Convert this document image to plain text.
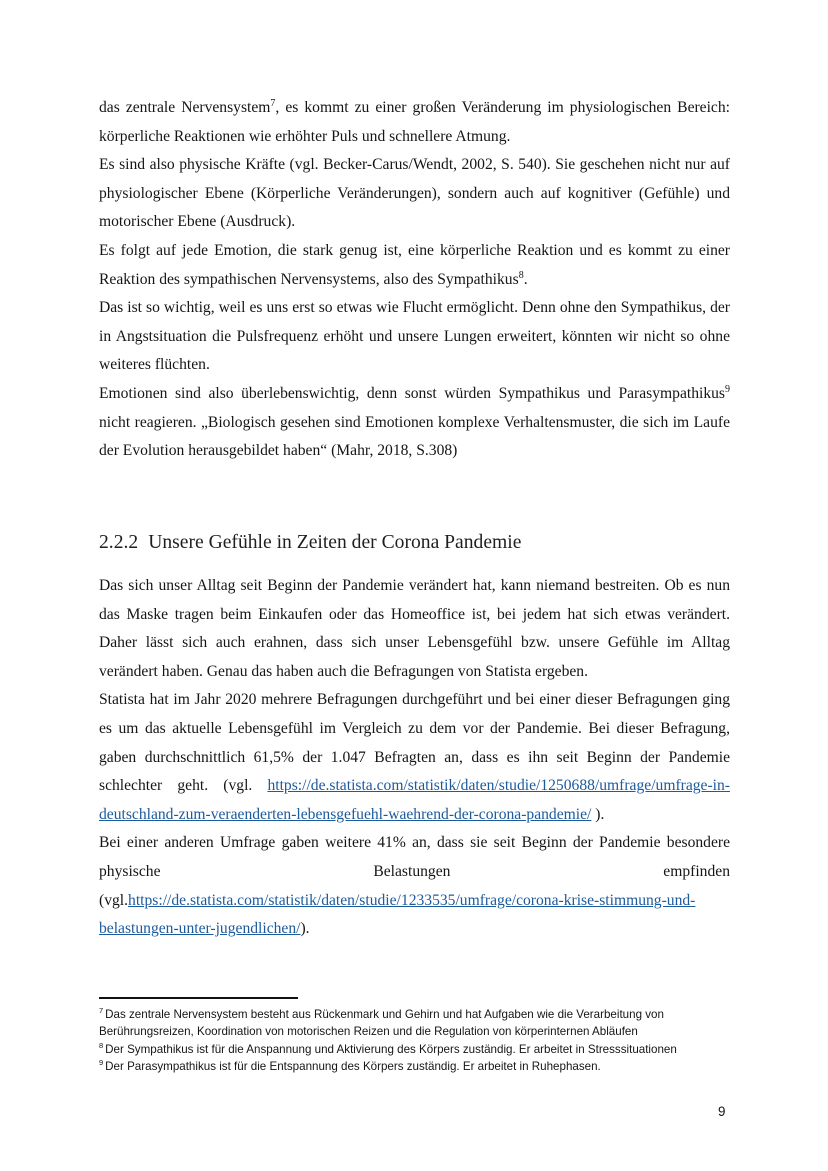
das zentrale Nervensystem$^7$, es kommt zu einer großen Veränderung im physiologischen Bereich: körperliche Reaktionen wie erhöhter Puls und schnellere Atmung.

Es sind also physische Kräfte (vgl. Becker-Carus/Wendt, 2002, S. 540). Sie geschehen nicht nur auf physiologischer Ebene (Körperliche Veränderungen), sondern auch auf kognitiver (Gefühle) und motorischer Ebene (Ausdruck).

Es folgt auf jede Emotion, die stark genug ist, eine körperliche Reaktion und es kommt zu einer Reaktion des sympathischen Nervensystems, also des Sympathikus$^8$.

Das ist so wichtig, weil es uns erst so etwas wie Flucht ermöglicht. Denn ohne den Sympathikus, der in Angstsituation die Pulsfrequenz erhöht und unsere Lungen erweitert, könnten wir nicht so ohne weiteres flüchten.

Emotionen sind also überlebenswichtig, denn sonst würden Sympathikus und Parasympathikus$^9$ nicht reagieren. „Biologisch gesehen sind Emotionen komplexe Verhaltensmuster, die sich im Laufe der Evolution herausgebildet haben“ (Mahr, 2018, S.308)

2.2.2 Unsere Gefühle in Zeiten der Corona Pandemie

Das sich unser Alltag seit Beginn der Pandemie verändert hat, kann niemand bestreiten. Ob es nun das Maske tragen beim Einkaufen oder das Homeoffice ist, bei jedem hat sich etwas verändert. Daher lässt sich auch erahnen, dass sich unser Lebensgefühl bzw. unsere Gefühle im Alltag verändert haben. Genau das haben auch die Befragungen von Statista ergeben.

Statista hat im Jahr 2020 mehrere Befragungen durchgeführt und bei einer dieser Befragungen ging es um das aktuelle Lebensgefühl im Vergleich zu dem vor der Pandemie. Bei dieser Befragung, gaben durchschnittlich 61,5% der 1.047 Befragten an, dass es ihn seit Beginn der Pandemie schlechter geht. (vgl. https://de.statista.com/statistik/daten/studie/1250688/umfrage/umfrage-in-deutschland-zum-veraenderten-lebensgefuehl-waehrend-der-corona-pandemie/ ).

Bei einer anderen Umfrage gaben weitere 41% an, dass sie seit Beginn der Pandemie besondere physische Belastungen empfinden (vgl.https://de.statista.com/statistik/daten/studie/1233535/umfrage/corona-krise-stimmung-und-belastungen-unter-jugendlichen/).

$^7$ Das zentrale Nervensystem besteht aus Rückenmark und Gehirn und hat Aufgaben wie die Verarbeitung von Berührungsreizen, Koordination von motorischen Reizen und die Regulation von körperinternen Abläufen

$^8$ Der Sympathikus ist für die Anspannung und Aktivierung des Körpers zuständig. Er arbeitet in Stresssituationen

$^9$ Der Parasympathikus ist für die Entspannung des Körpers zuständig. Er arbeitet in Ruhephasen.

9
